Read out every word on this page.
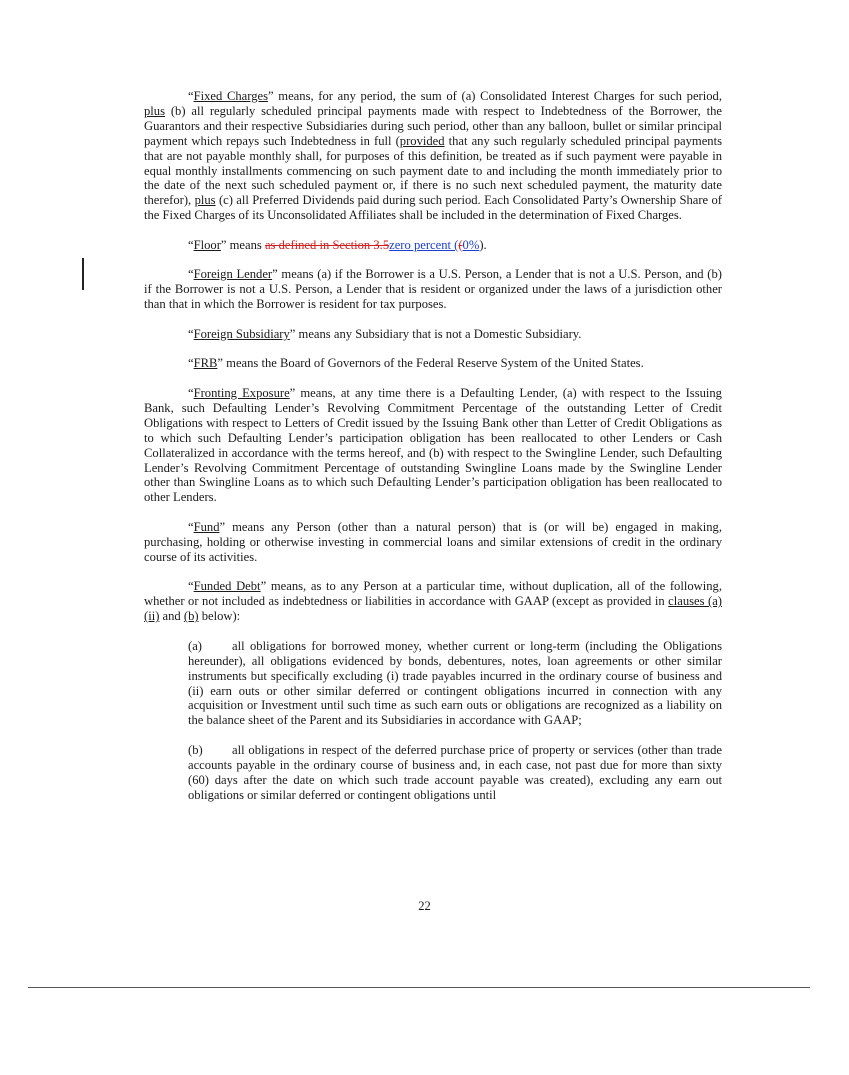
“Fixed Charges” means, for any period, the sum of (a) Consolidated Interest Charges for such period, plus (b) all regularly scheduled principal payments made with respect to Indebtedness of the Borrower, the Guarantors and their respective Subsidiaries during such period, other than any balloon, bullet or similar principal payment which repays such Indebtedness in full (provided that any such regularly scheduled principal payments that are not payable monthly shall, for purposes of this definition, be treated as if such payment were payable in equal monthly installments commencing on such payment date to and including the month immediately prior to the date of the next such scheduled payment or, if there is no such next scheduled payment, the maturity date therefor), plus (c) all Preferred Dividends paid during such period. Each Consolidated Party’s Ownership Share of the Fixed Charges of its Unconsolidated Affiliates shall be included in the determination of Fixed Charges.

“Floor” means as defined in Section 3.5zero percent ((0%).

“Foreign Lender” means (a) if the Borrower is a U.S. Person, a Lender that is not a U.S. Person, and (b) if the Borrower is not a U.S. Person, a Lender that is resident or organized under the laws of a jurisdiction other than that in which the Borrower is resident for tax purposes.

“Foreign Subsidiary” means any Subsidiary that is not a Domestic Subsidiary.

“FRB” means the Board of Governors of the Federal Reserve System of the United States.

“Fronting Exposure” means, at any time there is a Defaulting Lender, (a) with respect to the Issuing Bank, such Defaulting Lender’s Revolving Commitment Percentage of the outstanding Letter of Credit Obligations with respect to Letters of Credit issued by the Issuing Bank other than Letter of Credit Obligations as to which such Defaulting Lender’s participation obligation has been reallocated to other Lenders or Cash Collateralized in accordance with the terms hereof, and (b) with respect to the Swingline Lender, such Defaulting Lender’s Revolving Commitment Percentage of outstanding Swingline Loans made by the Swingline Lender other than Swingline Loans as to which such Defaulting Lender’s participation obligation has been reallocated to other Lenders.

“Fund” means any Person (other than a natural person) that is (or will be) engaged in making, purchasing, holding or otherwise investing in commercial loans and similar extensions of credit in the ordinary course of its activities.

“Funded Debt” means, as to any Person at a particular time, without duplication, all of the following, whether or not included as indebtedness or liabilities in accordance with GAAP (except as provided in clauses (a)(ii) and (b) below):

(a) all obligations for borrowed money, whether current or long-term (including the Obligations hereunder), all obligations evidenced by bonds, debentures, notes, loan agreements or other similar instruments but specifically excluding (i) trade payables incurred in the ordinary course of business and (ii) earn outs or other similar deferred or contingent obligations incurred in connection with any acquisition or Investment until such time as such earn outs or obligations are recognized as a liability on the balance sheet of the Parent and its Subsidiaries in accordance with GAAP;
(b) all obligations in respect of the deferred purchase price of property or services (other than trade accounts payable in the ordinary course of business and, in each case, not past due for more than sixty (60) days after the date on which such trade account payable was created), excluding any earn out obligations or similar deferred or contingent obligations until
22
